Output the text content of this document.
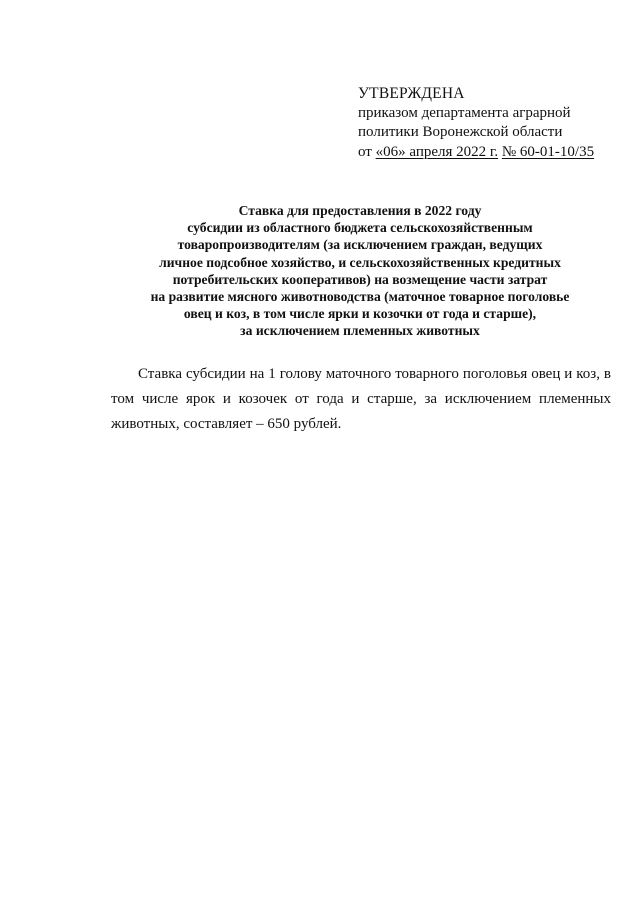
УТВЕРЖДЕНА
приказом департамента аграрной
политики Воронежской области
от «06» апреля 2022 г. № 60-01-10/35
Ставка для предоставления в 2022 году
субсидии из областного бюджета сельскохозяйственным
товаропроизводителям (за исключением граждан, ведущих
личное подсобное хозяйство, и сельскохозяйственных кредитных
потребительских кооперативов) на возмещение части затрат
на развитие мясного животноводства (маточное товарное поголовье
овец и коз, в том числе ярки и козочки от года и старше),
за исключением племенных животных

Ставка субсидии на 1 голову маточного товарного поголовья овец и коз, в том числе ярок и козочек от года и старше, за исключением племенных животных, составляет – 650 рублей.
